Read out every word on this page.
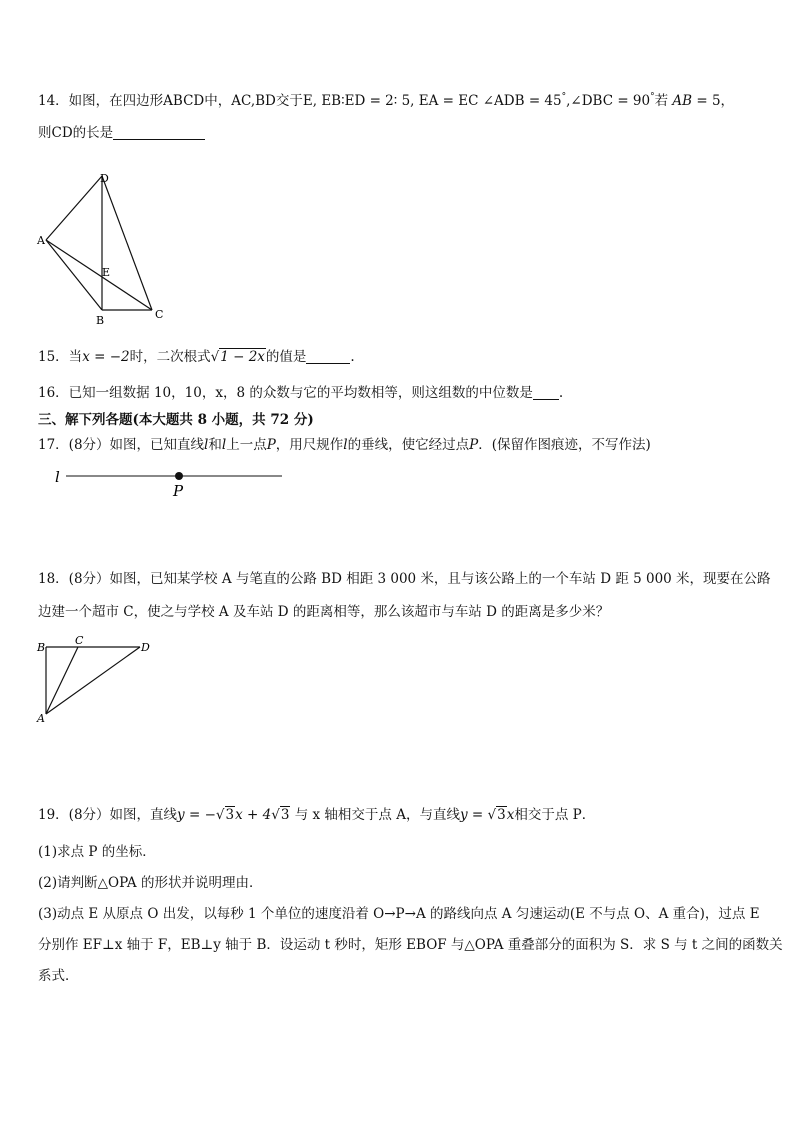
14．如图，在四边形ABCD中，AC,BD交于E, EB∶ED = 2∶ 5, EA = EC ∠ADB = 45°,∠DBC = 90°若 AB = 5，
则CD的长是
D
A
E
B	C
15．当x = −2时，二次根式√1 − 2x的值是	.
16．已知一组数据 10，10，x，8 的众数与它的平均数相等，则这组数的中位数是 .
三、解下列各题(本大题共 8 小题，共 72 分)
17．(8分）如图，已知直线l和l上一点P，用尺规作l的垂线，使它经过点P．(保留作图痕迹，不写作法)
l
P
18．(8分）如图，已知某学校 A 与笔直的公路 BD 相距 3 000 米，且与该公路上的一个车站 D 距 5 000 米，现要在公路
边建一个超市 C，使之与学校 A 及车站 D 的距离相等，那么该超市与车站 D 的距离是多少米？
B
C
D
A
19．(8分）如图，直线y = −√3x + 4√3 与 x 轴相交于点 A，与直线y = √3x相交于点 P．
(1)求点 P 的坐标．
(2)请判断△OPA 的形状并说明理由．
(3)动点 E 从原点 O 出发，以每秒 1 个单位的速度沿着 O→P→A 的路线向点 A 匀速运动(E 不与点 O、A 重合)，过点 E
分别作 EF⊥x 轴于 F，EB⊥y 轴于 B．设运动 t 秒时，矩形 EBOF 与△OPA 重叠部分的面积为 S．求 S 与 t 之间的函数关
系式．
